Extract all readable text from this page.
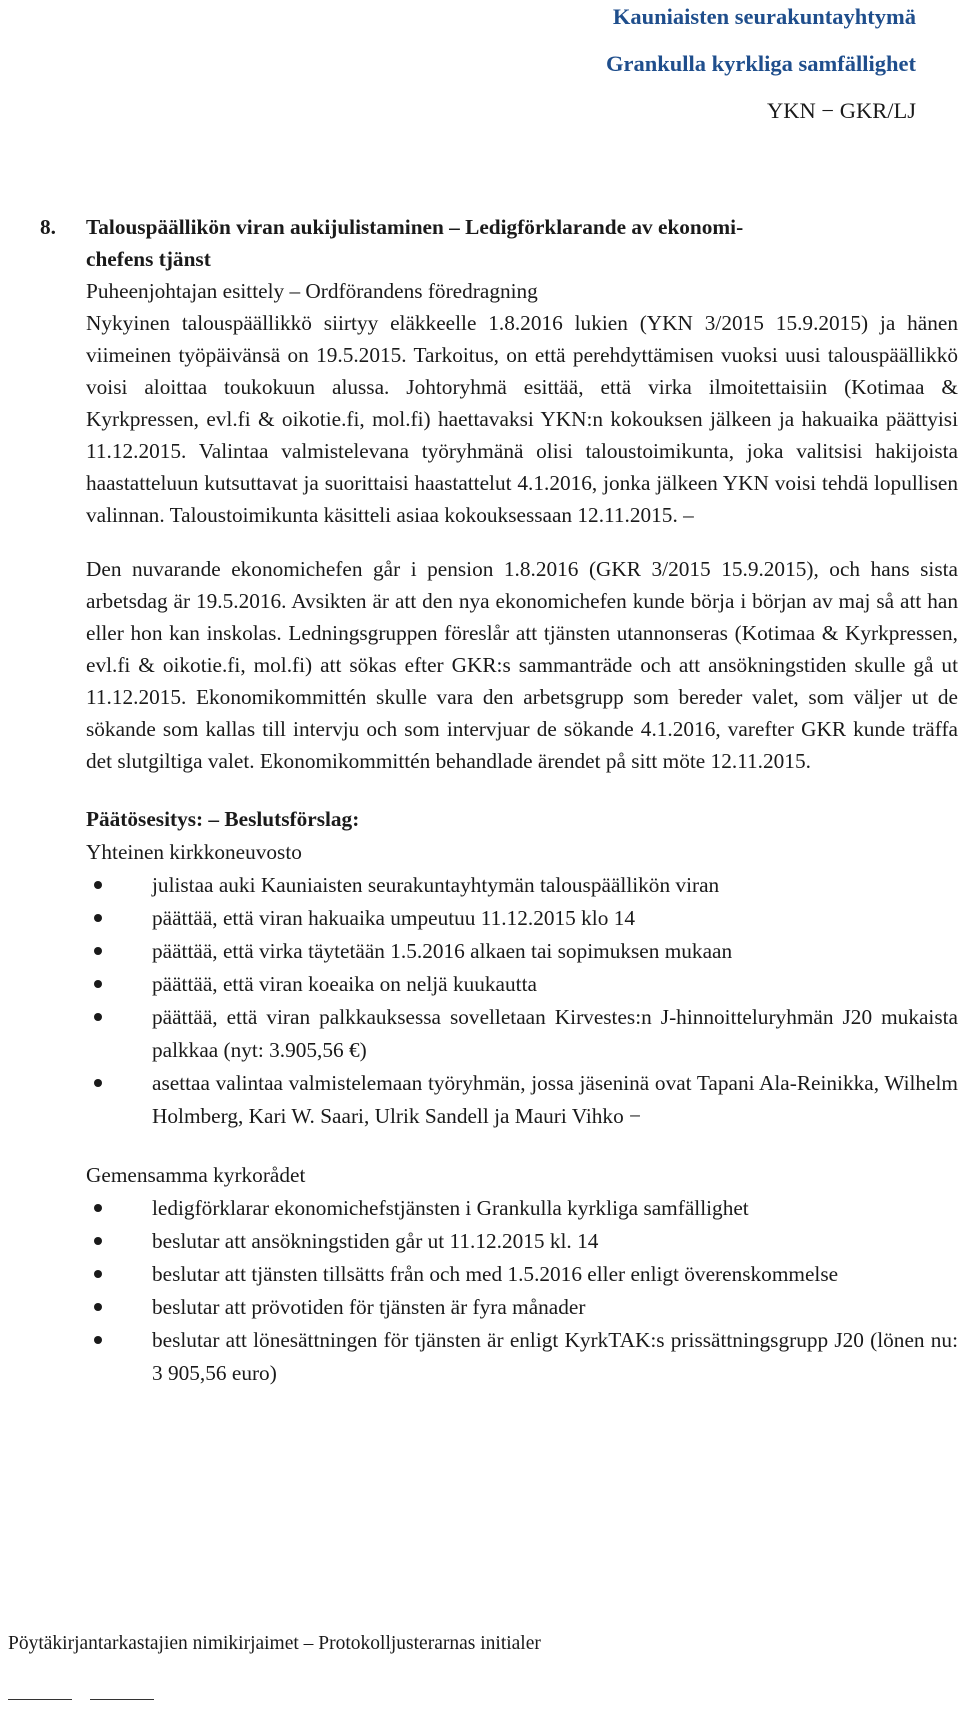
Kauniaisten seurakuntayhtymä
Grankulla kyrkliga samfällighet
YKN − GKR/LJ
8. Talouspäällikön viran aukijulistaminen – Ledigförklarande av ekonomi-
chefens tjänst
Puheenjohtajan esittely – Ordförandens föredragning
Nykyinen talouspäällikkö siirtyy eläkkeelle 1.8.2016 lukien (YKN 3/2015 15.9.2015) ja hänen viimeinen työpäivänsä on 19.5.2015. Tarkoitus, on että perehdyttämisen vuoksi uusi talouspäällikkö voisi aloittaa toukokuun alussa. Johtoryhmä esittää, että virka ilmoitettaisiin (Kotimaa & Kyrkpressen, evl.fi & oikotie.fi, mol.fi) haettavaksi YKN:n kokouksen jälkeen ja hakuaika päättyisi 11.12.2015. Valintaa valmistelevana työryhmänä olisi taloustoimikunta, joka valitsisi hakijoista haastatteluun kutsuttavat ja suorittaisi haastattelut 4.1.2016, jonka jälkeen YKN voisi tehdä lopullisen valinnan. Taloustoimikunta käsitteli asiaa kokouksessaan 12.11.2015. –
Den nuvarande ekonomichefen går i pension 1.8.2016 (GKR 3/2015 15.9.2015), och hans sista arbetsdag är 19.5.2016. Avsikten är att den nya ekonomichefen kunde börja i början av maj så att han eller hon kan inskolas. Ledningsgruppen föreslår att tjänsten utannonseras (Kotimaa & Kyrkpressen, evl.fi & oikotie.fi, mol.fi) att sökas efter GKR:s sammanträde och att ansökningstiden skulle gå ut 11.12.2015. Ekonomikommittén skulle vara den arbetsgrupp som bereder valet, som väljer ut de sökande som kallas till intervju och som intervjuar de sökande 4.1.2016, varefter GKR kunde träffa det slutgiltiga valet. Ekonomikommittén behandlade ärendet på sitt möte 12.11.2015.
Päätösesitys: – Beslutsförslag:
Yhteinen kirkkoneuvosto
julistaa auki Kauniaisten seurakuntayhtymän talouspäällikön viran
päättää, että viran hakuaika umpeutuu 11.12.2015 klo 14
päättää, että virka täytetään 1.5.2016 alkaen tai sopimuksen mukaan
päättää, että viran koeaika on neljä kuukautta
päättää, että viran palkkauksessa sovelletaan Kirvestes:n J-hinnoitteluryhmän J20 mukaista palkkaa (nyt: 3.905,56 €)
asettaa valintaa valmistelemaan työryhmän, jossa jäseninä ovat Tapani Ala-Reinikka, Wilhelm Holmberg, Kari W. Saari, Ulrik Sandell ja Mauri Vihko −
Gemensamma kyrkorådet
ledigförklarar ekonomichefstjänsten i Grankulla kyrkliga samfällighet
beslutar att ansökningstiden går ut 11.12.2015 kl. 14
beslutar att tjänsten tillsätts från och med 1.5.2016 eller enligt överenskommelse
beslutar att prövotiden för tjänsten är fyra månader
beslutar att lönesättningen för tjänsten är enligt KyrkTAK:s prissättningsgrupp J20 (lönen nu: 3 905,56 euro)
Pöytäkirjantarkastajien nimikirjaimet – Protokolljusterarnas initialer
